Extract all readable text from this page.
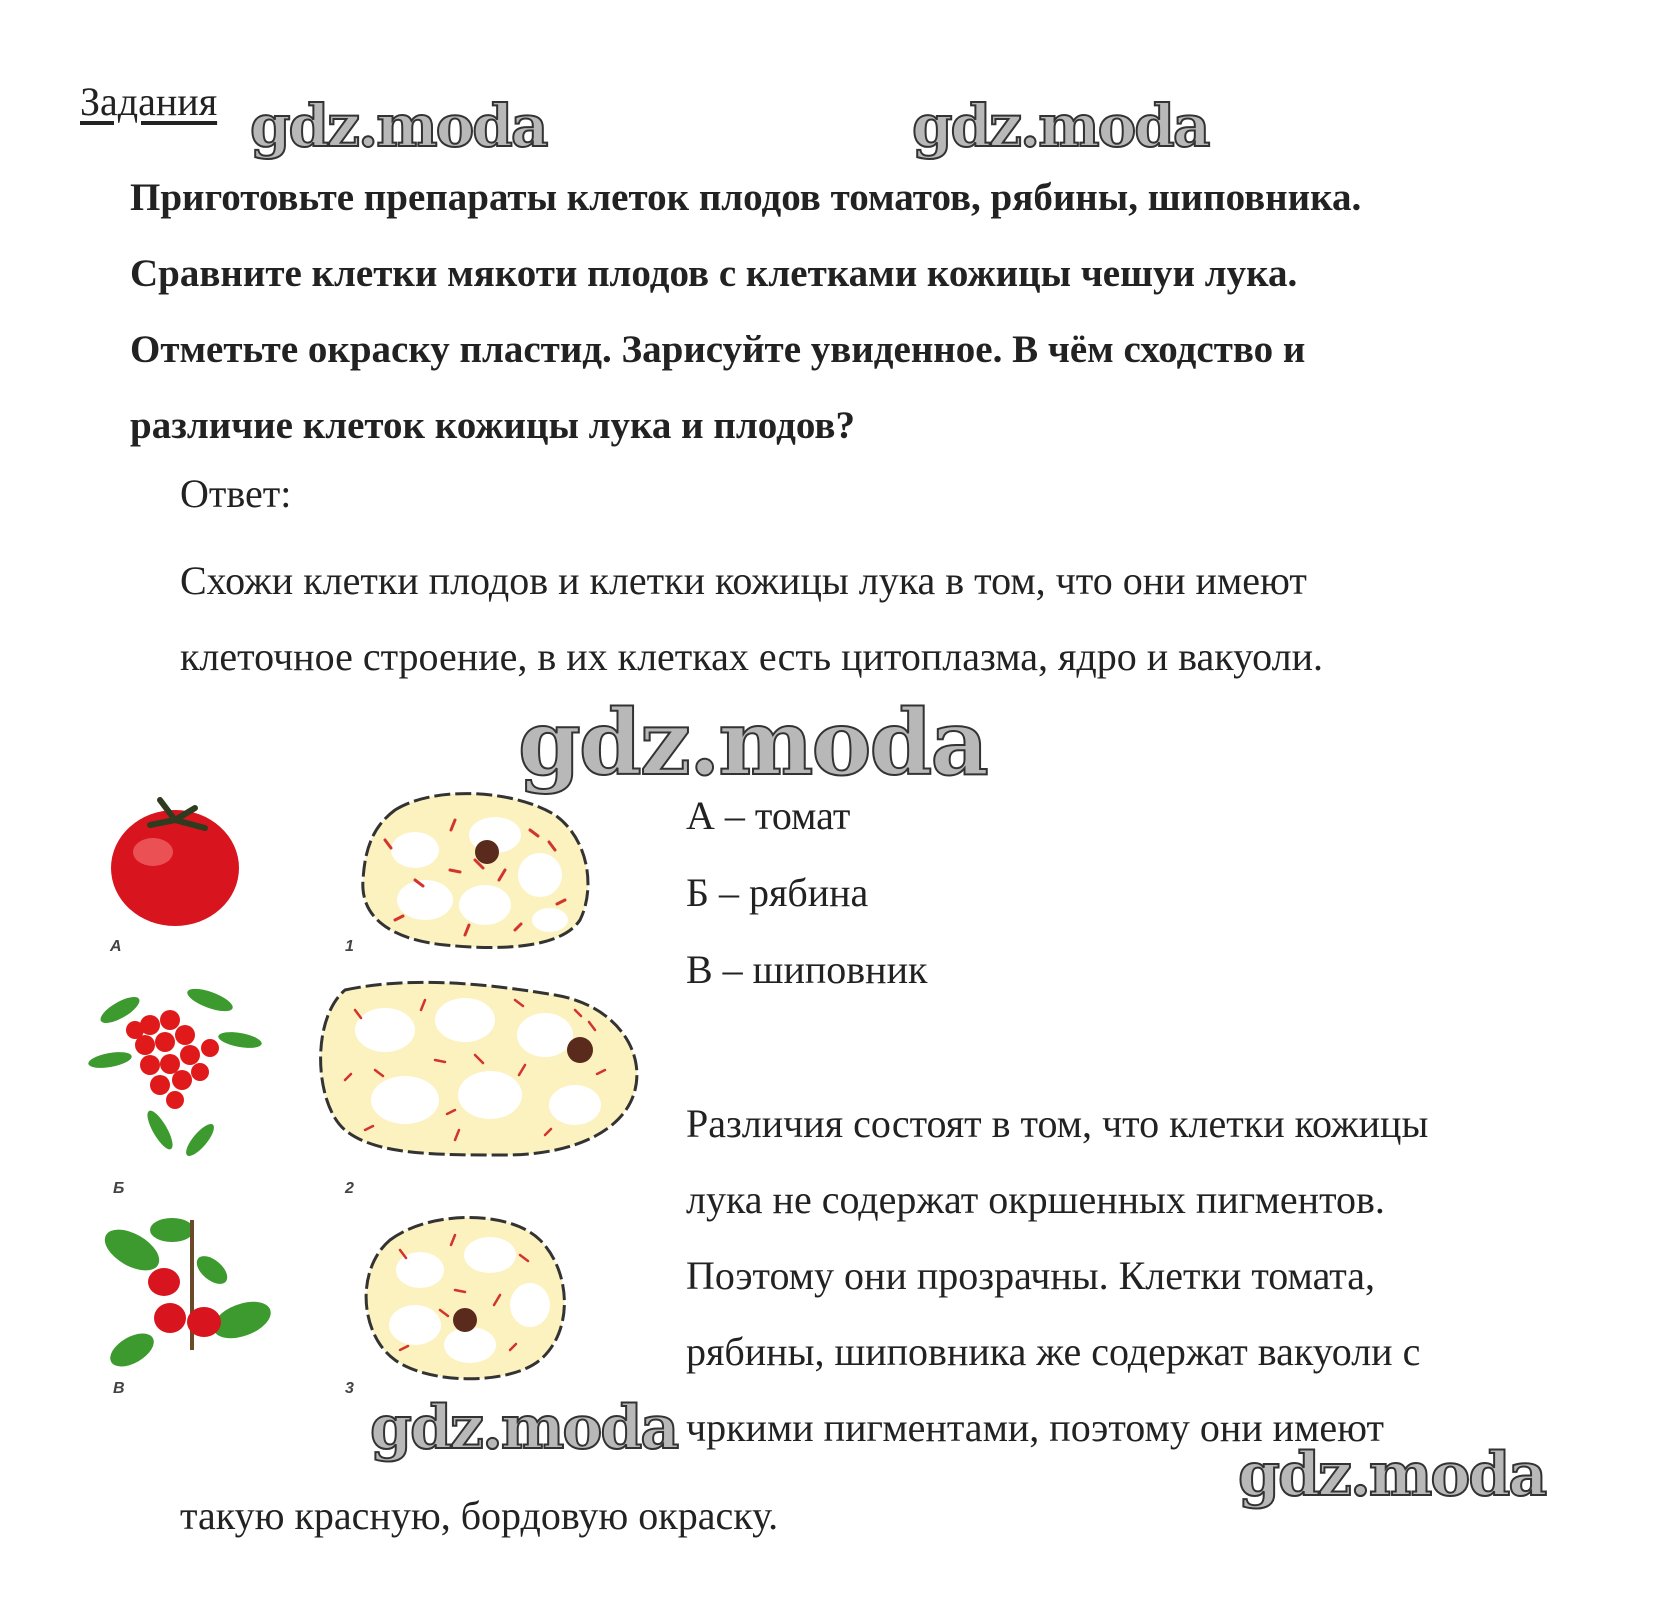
Задания
Приготовьте препараты клеток плодов томатов, рябины, шиповника.
Сравните клетки мякоти плодов с клетками кожицы чешуи лука.
Отметьте окраску пластид. Зарисуйте увиденное. В чём сходство и
различие клеток кожицы лука и плодов?
Ответ:
Схожи клетки плодов и клетки кожицы лука в том, что они имеют
клеточное строение, в их клетках есть цитоплазма, ядро и вакуоли.
А – томат
Б – рябина
В – шиповник
Различия состоят в том, что клетки кожицы
лука не содержат окршенных пигментов.
Поэтому они прозрачны. Клетки томата,
рябины, шиповника же содержат вакуоли с
чркими пигментами, поэтому они имеют
такую красную, бордовую окраску.
А
Б
В
1
2
3
gdz.moda	gdz.moda
gdz.moda
gdz.moda
gdz.moda
